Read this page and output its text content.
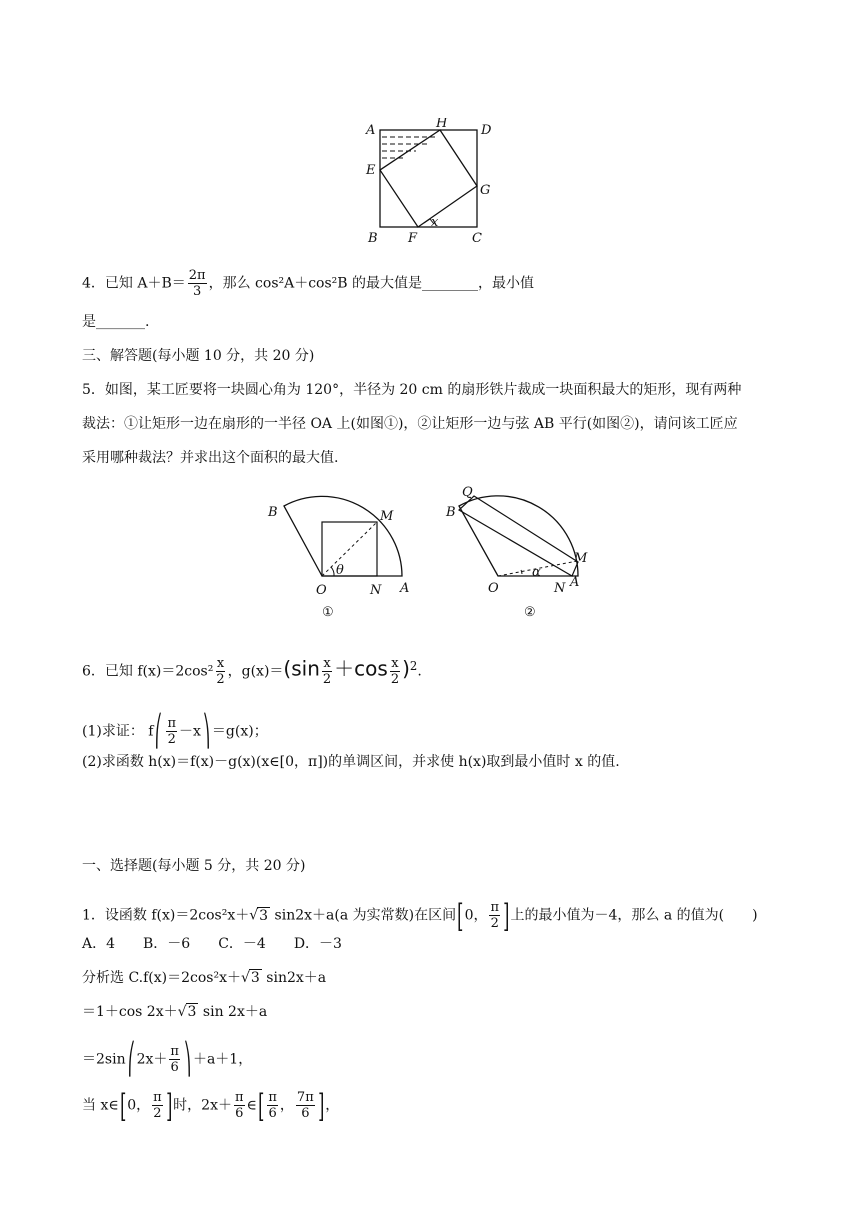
A	H	D
E
G
B F	C
x
4．已知 $A+B= \frac{2\pi}{3}$ ，那么 cos²A＋cos²B 的最大值是________，最小值
是_______.
三、解答题(每小题 10 分，共 20 分)
5．如图，某工匠要将一块圆心角为 120°，半径为 20 cm 的扇形铁片裁成一块面积最大的矩形，现有两种
裁法：①让矩形一边在扇形的一半径 OA 上(如图①)，②让矩形一边与弦 AB 平行(如图②)，请问该工匠应
采用哪种裁法？并求出这个面积的最大值.
B	M
O	N A
θ
①
Q
B
M
O	N A
α
②
6．已知 $f(x)=2\cos^2 \frac{x}{2}$ ，$g(x)=(\sin \frac{x}{2} +\cos \frac{x}{2} )^2$.
(1)求证： f⎛ $\frac{\pi}{2}$ －x⎞ ＝g(x)；
(2)求函数 h(x)＝f(x)－g(x)(x∈[0，π])的单调区间，并求使 h(x)取到最小值时 x 的值.
一、选择题(每小题 5 分，共 20 分)
1．设函数 f(x)＝2cos²x＋√3 sin2x＋a(a 为实常数)在区间[0， $\frac{\pi}{2}$ ]上的最小值为－4，那么 a 的值为(　　)
A．4　　B．－6　　C．－4　　D．－3
分析选 C.f(x)＝2cos²x＋√3 sin2x＋a
＝1＋cos 2x＋√3 sin 2x＋a
＝2sin⎛ $2x+ \frac{\pi}{6}$ ⎞ ＋a＋1，
当 x∈[0， $\frac{\pi}{2}$ ]时，$2x+ \frac{\pi}{6}$ ∈[ $\frac{\pi}{6}$ ， $\frac{7\pi}{6}$ ]，
